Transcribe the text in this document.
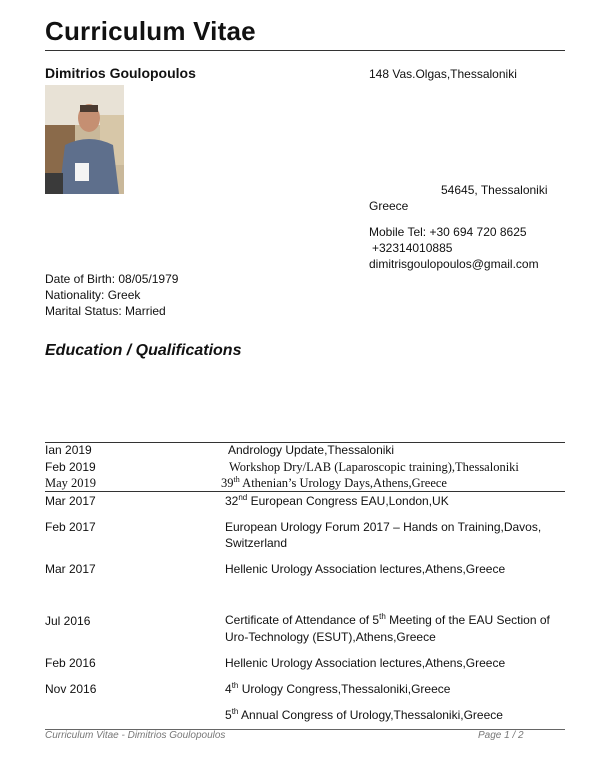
Curriculum Vitae
Dimitrios Goulopoulos	148 Vas.Olgas,Thessaloniki
54645, Thessaloniki
Greece
Mobile Tel: +30 694 720 8625
+32314010885
dimitrisgoulopoulos@gmail.com
Date of Birth: 08/05/1979
Nationality: Greek
Marital Status: Married
Education / Qualifications
Ian 2019	Andrology Update,Thessaloniki
Feb 2019	Workshop Dry/LAB (Laparoscopic training),Thessaloniki
May 2019	39th Athenian’s Urology Days,Athens,Greece
Mar 2017	32nd European Congress EAU,London,UK
Feb 2017	European Urology Forum 2017 – Hands on Training,Davos,
Switzerland
Mar 2017	Hellenic Urology Association lectures,Athens,Greece
Jul 2016	Certificate of Attendance of 5th Meeting of the EAU Section of
Uro-Technology (ESUT),Athens,Greece
Feb 2016	Hellenic Urology Association lectures,Athens,Greece
Nov 2016	4th Urology Congress,Thessaloniki,Greece
5th Annual Congress of Urology,Thessaloniki,Greece
Curriculum Vitae - Dimitrios Goulopoulos	Page 1 / 2
